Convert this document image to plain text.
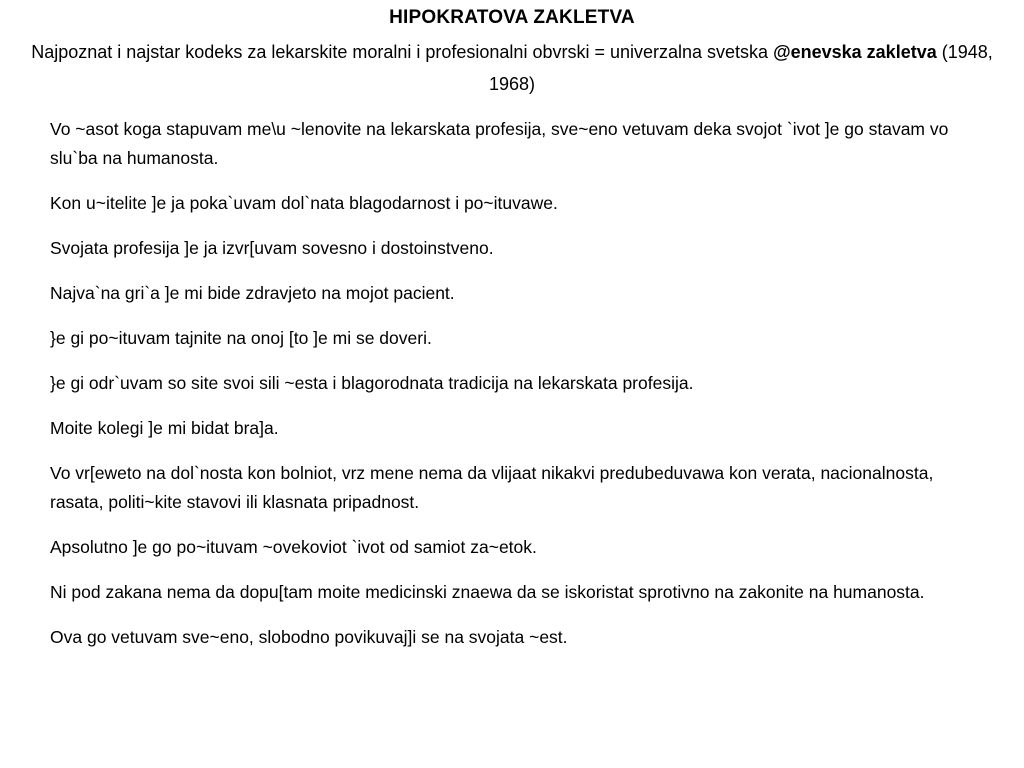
HIPOKRATOVA ZAKLETVA

Najpoznat i najstar kodeks za lekarskite moralni i profesionalni obvrski = univerzalna svetska @enevska zakletva (1948, 1968)

Vo ~asot koga stapuvam me\u ~lenovite na lekarskata profesija, sve~eno vetuvam deka svojot `ivot ]e go stavam vo slu`ba na humanosta.

Kon u~itelite ]e ja poka`uvam dol`nata blagodarnost i po~ituvawe.

Svojata profesija ]e ja izvr[uvam sovesno i dostoinstveno.

Najva`na gri`a ]e mi bide zdravjeto na mojot pacient.

}e gi po~ituvam tajnite na onoj [to ]e mi se doveri.

}e gi odr`uvam so site svoi sili ~esta i blagorodnata tradicija na lekarskata profesija.

Moite kolegi ]e mi bidat bra]a.

Vo vr[eweto na dol`nosta kon bolniot, vrz mene nema da vlijaat nikakvi predubeduvawa kon verata, nacionalnosta, rasata, politi~kite stavovi ili klasnata pripadnost.

Apsolutno ]e go po~ituvam ~ovekoviot `ivot od samiot za~etok.

Ni pod zakana nema da dopu[tam moite medicinski znaewa da se iskoristat sprotivno na zakonite na humanosta.

Ova go vetuvam sve~eno, slobodno povikuvaj]i se na svojata ~est.
